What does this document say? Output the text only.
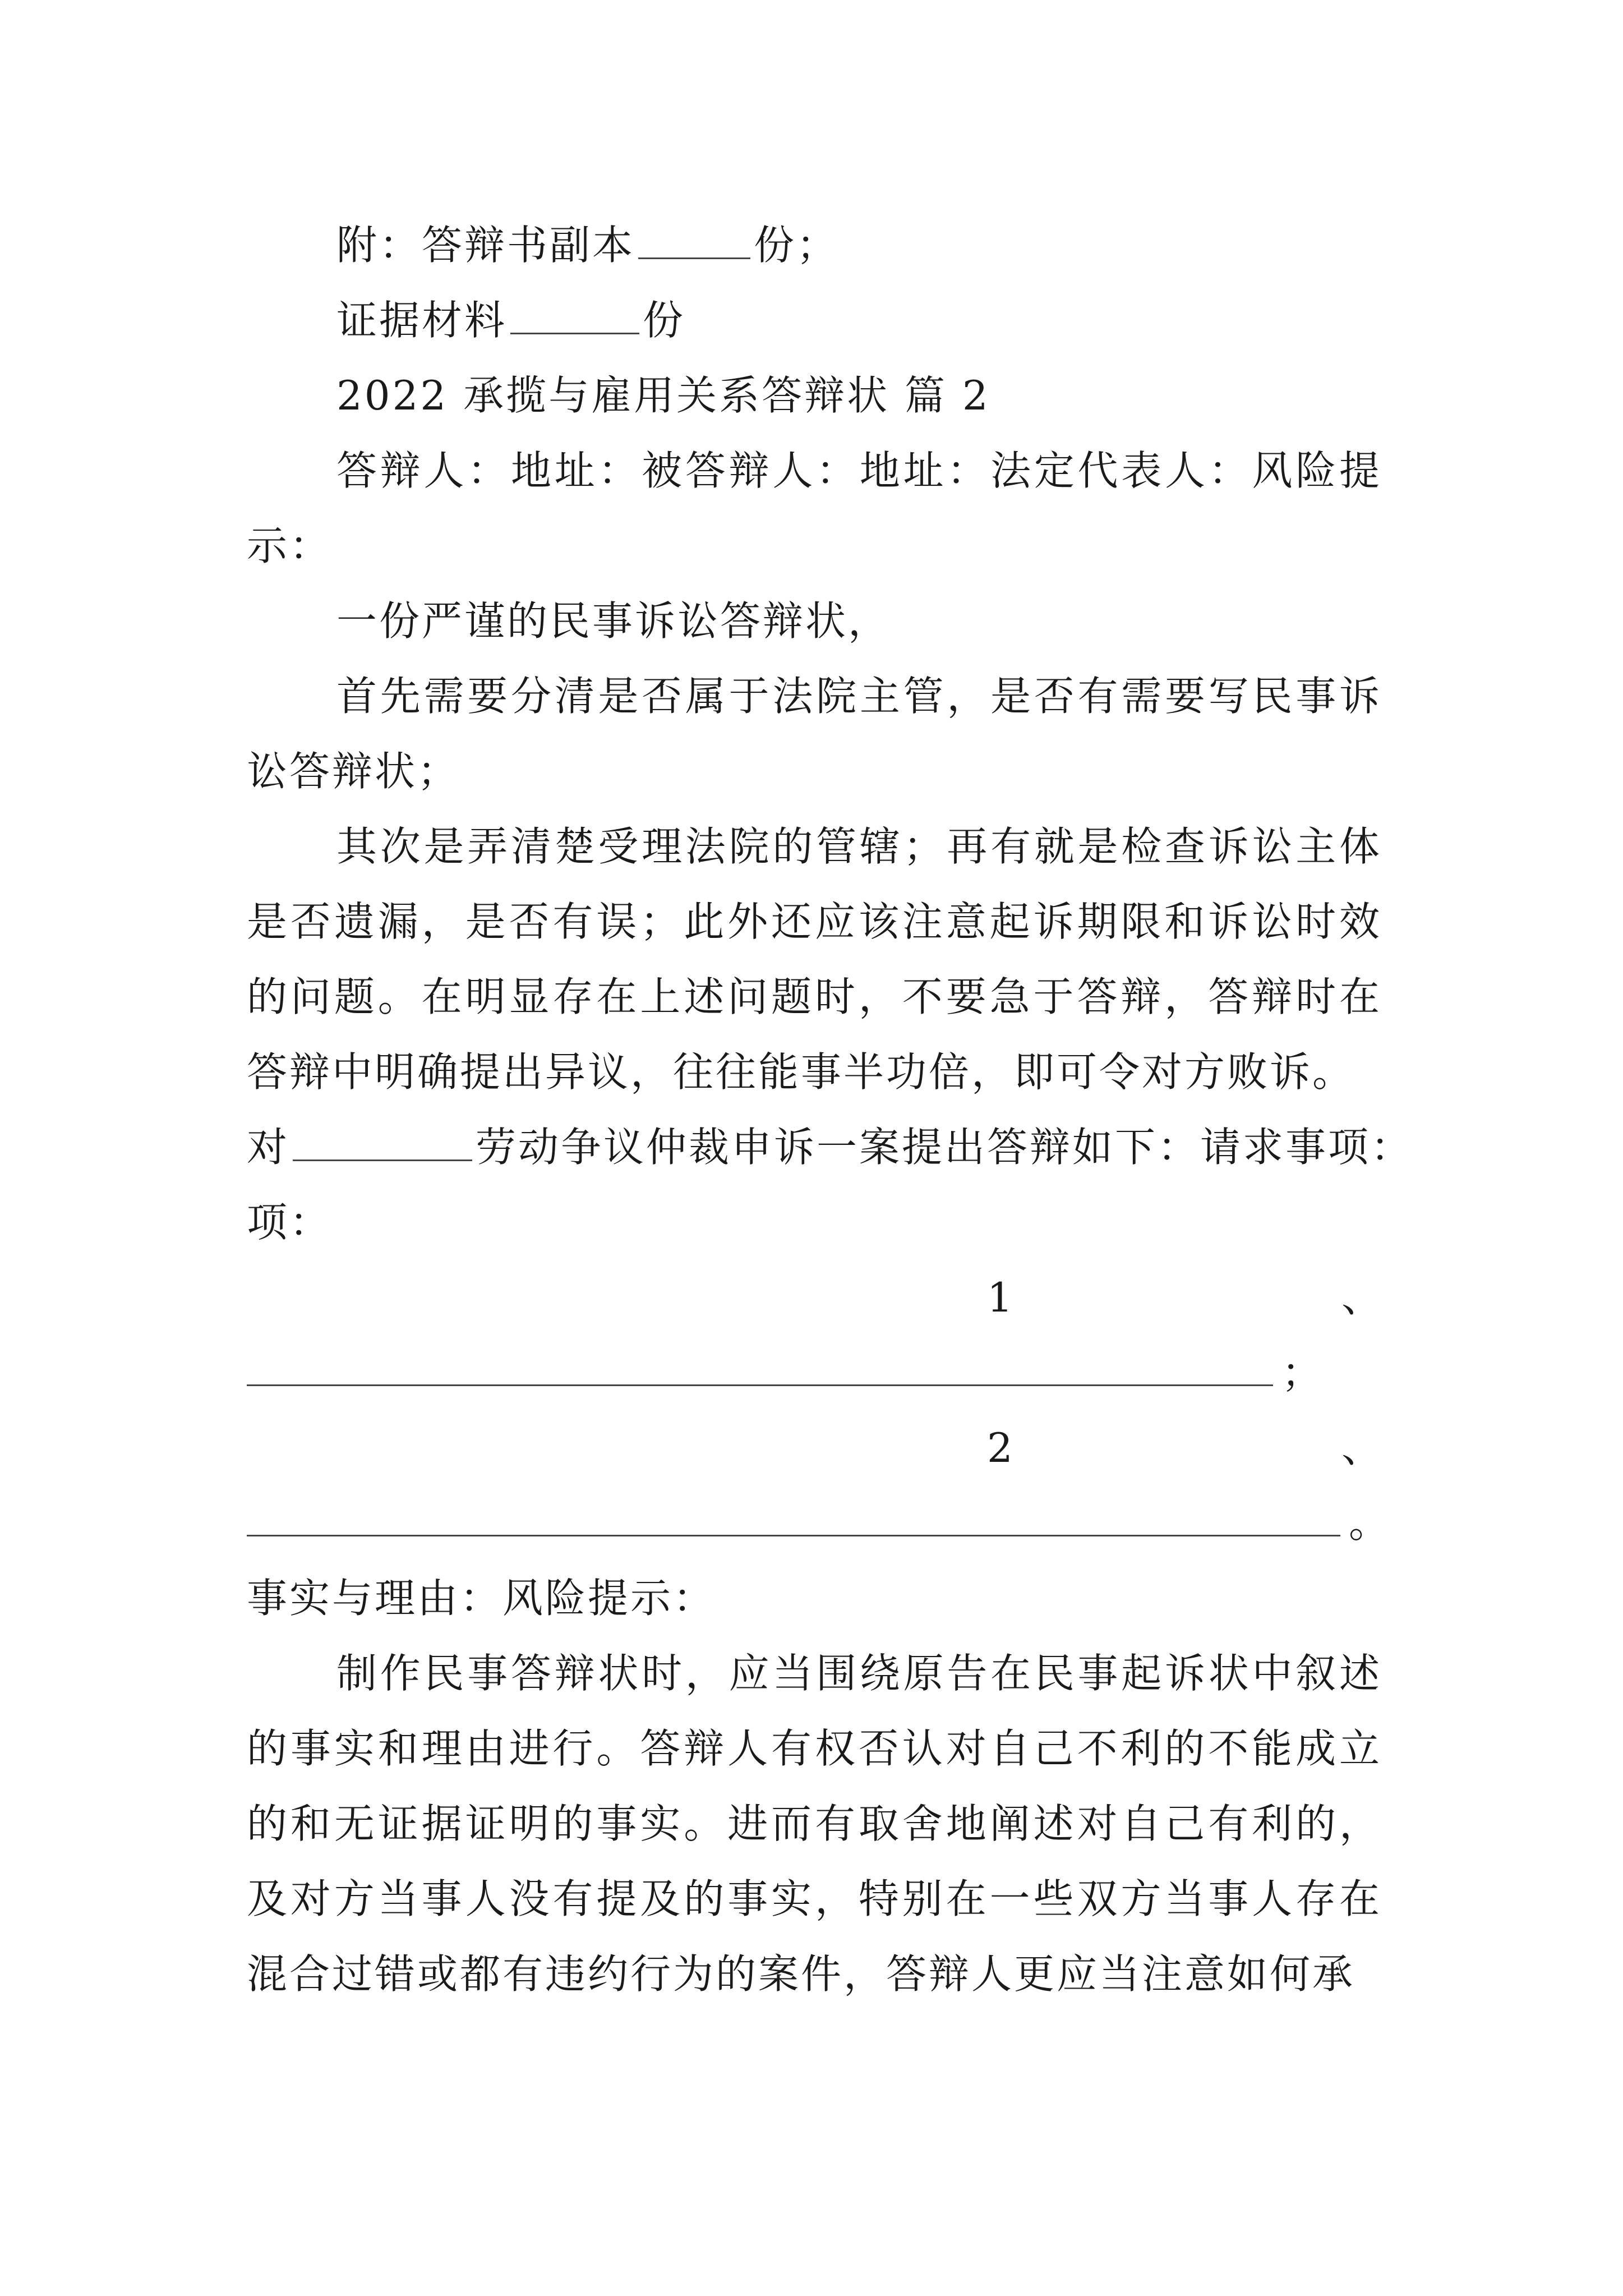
附：答辩书副本	份；
证据材料	份
2022 承揽与雇用关系答辩状 篇 2

答辩人：地址：被答辩人：地址：法定代表人：风险提示：

一份严谨的民事诉讼答辩状，

首先需要分清是否属于法院主管，是否有需要写民事诉讼答辩状；

其次是弄清楚受理法院的管辖；再有就是检查诉讼主体是否遗漏，是否有误；此外还应该注意起诉期限和诉讼时效的问题。在明显存在上述问题时，不要急于答辩，答辩时在答辩中明确提出异议，往往能事半功倍，即可令对方败诉。

对	劳动争议仲裁申诉一案提出答辩如下：请求事项：
项：
1	、
；
2	、
。
事实与理由：风险提示：

制作民事答辩状时，应当围绕原告在民事起诉状中叙述的事实和理由进行。答辩人有权否认对自己不利的不能成立的和无证据证明的事实。进而有取舍地阐述对自己有利的，及对方当事人没有提及的事实，特别在一些双方当事人存在混合过错或都有违约行为的案件，答辩人更应当注意如何承
